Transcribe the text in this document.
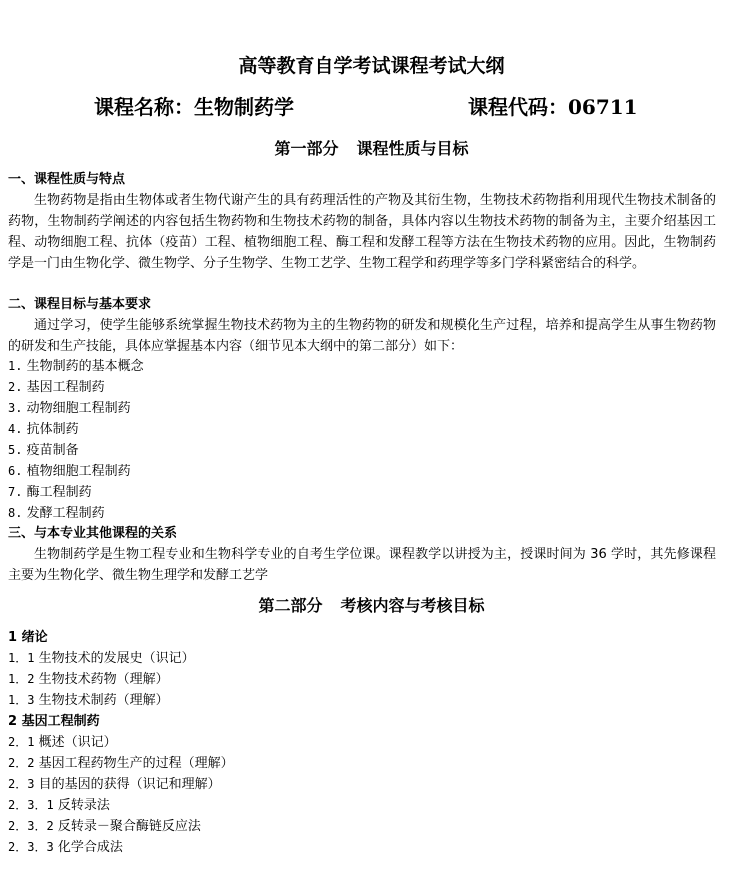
高等教育自学考试课程考试大纲
课程名称：生物制药学	课程代码：06711
第一部分 课程性质与目标
一、课程性质与特点
生物药物是指由生物体或者生物代谢产生的具有药理活性的产物及其衍生物，生物技术药物指利用现代生物技术制备的药物，生物制药学阐述的内容包括生物药物和生物技术药物的制备，具体内容以生物技术药物的制备为主，主要介绍基因工程、动物细胞工程、抗体（疫苗）工程、植物细胞工程、酶工程和发酵工程等方法在生物技术药物的应用。因此，生物制药学是一门由生物化学、微生物学、分子生物学、生物工艺学、生物工程学和药理学等多门学科紧密结合的科学。
二、课程目标与基本要求
通过学习，使学生能够系统掌握生物技术药物为主的生物药物的研发和规模化生产过程，培养和提高学生从事生物药物的研发和生产技能，具体应掌握基本内容（细节见本大纲中的第二部分）如下：
1. 生物制药的基本概念
2. 基因工程制药
3. 动物细胞工程制药
4. 抗体制药
5. 疫苗制备
6. 植物细胞工程制药
7. 酶工程制药
8. 发酵工程制药
三、与本专业其他课程的关系
生物制药学是生物工程专业和生物科学专业的自考生学位课。课程教学以讲授为主，授课时间为 36 学时，其先修课程主要为生物化学、微生物生理学和发酵工艺学
第二部分 考核内容与考核目标
1 绪论
1．1 生物技术的发展史（识记）
1．2 生物技术药物（理解）
1．3 生物技术制药（理解）
2 基因工程制药
2．1 概述（识记）
2．2 基因工程药物生产的过程（理解）
2．3 目的基因的获得（识记和理解）
2．3．1 反转录法
2．3．2 反转录－聚合酶链反应法
2．3．3 化学合成法
